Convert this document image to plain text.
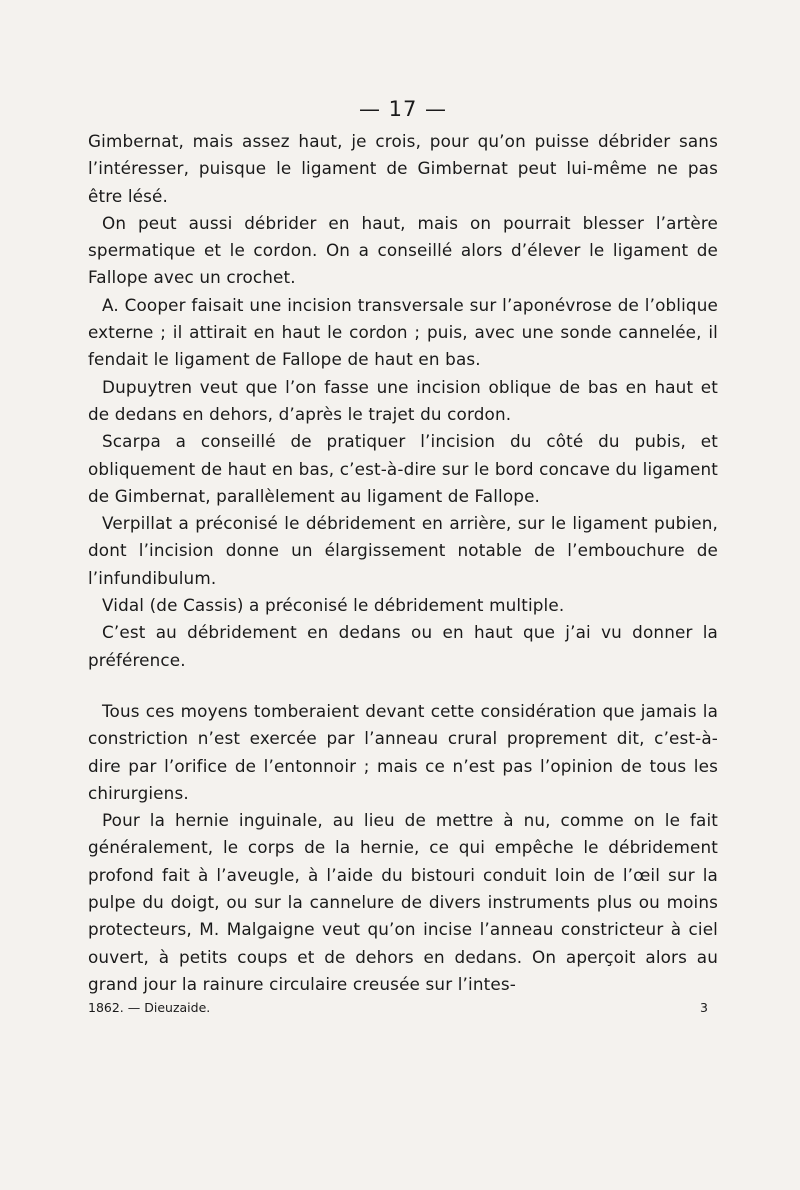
— 17 —

Gimbernat, mais assez haut, je crois, pour qu’on puisse débrider sans l’intéresser, puisque le ligament de Gimbernat peut lui-même ne pas être lésé.

On peut aussi débrider en haut, mais on pourrait blesser l’artère spermatique et le cordon. On a conseillé alors d’élever le ligament de Fallope avec un crochet.

A. Cooper faisait une incision transversale sur l’aponévrose de l’oblique externe ; il attirait en haut le cordon ; puis, avec une sonde cannelée, il fendait le ligament de Fallope de haut en bas.

Dupuytren veut que l’on fasse une incision oblique de bas en haut et de dedans en dehors, d’après le trajet du cordon.

Scarpa a conseillé de pratiquer l’incision du côté du pubis, et obliquement de haut en bas, c’est-à-dire sur le bord concave du ligament de Gimbernat, parallèlement au ligament de Fallope.

Verpillat a préconisé le débridement en arrière, sur le ligament pubien, dont l’incision donne un élargissement notable de l’embouchure de l’infundibulum.

Vidal (de Cassis) a préconisé le débridement multiple.

C’est au débridement en dedans ou en haut que j’ai vu donner la préférence.

Tous ces moyens tomberaient devant cette considération que jamais la constriction n’est exercée par l’anneau crural proprement dit, c’est-à-dire par l’orifice de l’entonnoir ; mais ce n’est pas l’opinion de tous les chirurgiens.

Pour la hernie inguinale, au lieu de mettre à nu, comme on le fait généralement, le corps de la hernie, ce qui empêche le débridement profond fait à l’aveugle, à l’aide du bistouri conduit loin de l’œil sur la pulpe du doigt, ou sur la cannelure de divers instruments plus ou moins protecteurs, M. Malgaigne veut qu’on incise l’anneau constricteur à ciel ouvert, à petits coups et de dehors en dedans. On aperçoit alors au grand jour la rainure circulaire creusée sur l’intes-

1862. — Dieuzaide.	3
